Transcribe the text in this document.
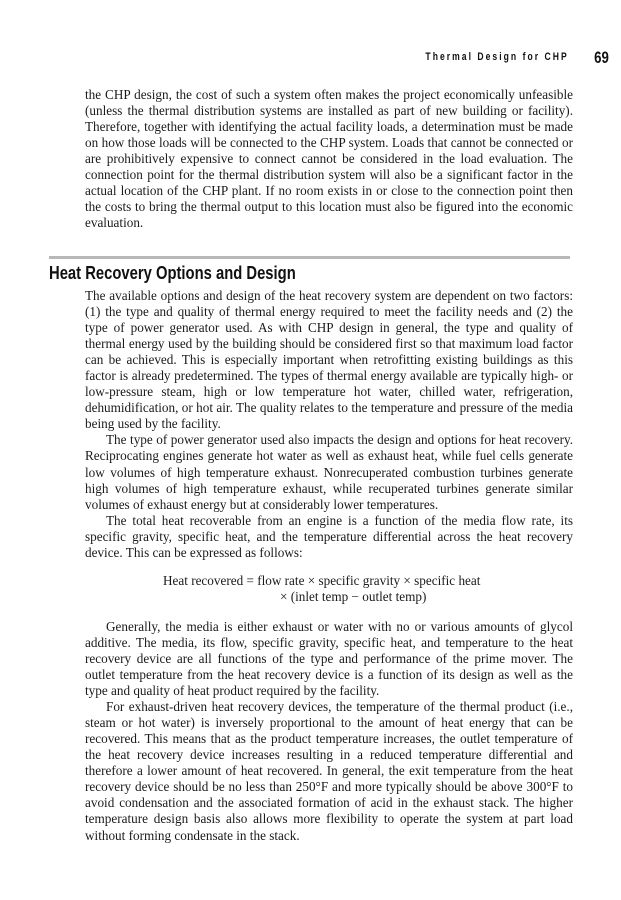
Thermal Design for CHP 69

the CHP design, the cost of such a system often makes the project economically unfeasible (unless the thermal distribution systems are installed as part of new building or facility). Therefore, together with identifying the actual facility loads, a determination must be made on how those loads will be connected to the CHP system. Loads that cannot be connected or are prohibitively expensive to connect cannot be considered in the load evaluation. The connection point for the thermal distribution system will also be a significant factor in the actual location of the CHP plant. If no room exists in or close to the connection point then the costs to bring the thermal output to this location must also be figured into the economic evaluation.

Heat Recovery Options and Design

The available options and design of the heat recovery system are dependent on two factors: (1) the type and quality of thermal energy required to meet the facility needs and (2) the type of power generator used. As with CHP design in general, the type and quality of thermal energy used by the building should be considered first so that maximum load factor can be achieved. This is especially important when retrofitting existing buildings as this factor is already predetermined. The types of thermal energy available are typically high- or low-pressure steam, high or low temperature hot water, chilled water, refrigeration, dehumidification, or hot air. The quality relates to the temperature and pressure of the media being used by the facility.

The type of power generator used also impacts the design and options for heat recovery. Reciprocating engines generate hot water as well as exhaust heat, while fuel cells generate low volumes of high temperature exhaust. Nonrecuperated combustion turbines generate high volumes of high temperature exhaust, while recuperated turbines generate similar volumes of exhaust energy but at considerably lower temperatures.

The total heat recoverable from an engine is a function of the media flow rate, its specific gravity, specific heat, and the temperature differential across the heat recovery device. This can be expressed as follows:

Heat recovered = flow rate × specific gravity × specific heat
× (inlet temp − outlet temp)

Generally, the media is either exhaust or water with no or various amounts of glycol additive. The media, its flow, specific gravity, specific heat, and temperature to the heat recovery device are all functions of the type and performance of the prime mover. The outlet temperature from the heat recovery device is a function of its design as well as the type and quality of heat product required by the facility.

For exhaust-driven heat recovery devices, the temperature of the thermal product (i.e., steam or hot water) is inversely proportional to the amount of heat energy that can be recovered. This means that as the product temperature increases, the outlet temperature of the heat recovery device increases resulting in a reduced temperature differential and therefore a lower amount of heat recovered. In general, the exit temperature from the heat recovery device should be no less than 250°F and more typically should be above 300°F to avoid condensation and the associated formation of acid in the exhaust stack. The higher temperature design basis also allows more flexibility to operate the system at part load without forming condensate in the stack.
